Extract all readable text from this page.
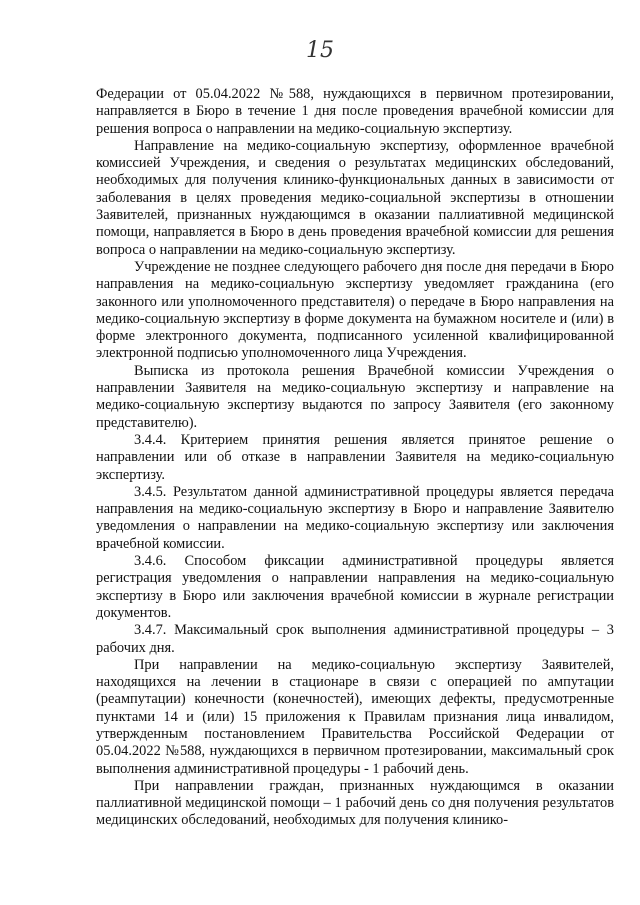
15

Федерации от 05.04.2022 №588, нуждающихся в первичном протезировании, направляется в Бюро в течение 1 дня после проведения врачебной комиссии для решения вопроса о направлении на медико-социальную экспертизу.

Направление на медико-социальную экспертизу, оформленное врачебной комиссией Учреждения, и сведения о результатах медицинских обследований, необходимых для получения клинико-функциональных данных в зависимости от заболевания в целях проведения медико-социальной экспертизы в отношении Заявителей, признанных нуждающимся в оказании паллиативной медицинской помощи, направляется в Бюро в день проведения врачебной комиссии для решения вопроса о направлении на медико-социальную экспертизу.

Учреждение не позднее следующего рабочего дня после дня передачи в Бюро направления на медико-социальную экспертизу уведомляет гражданина (его законного или уполномоченного представителя) о передаче в Бюро направления на медико-социальную экспертизу в форме документа на бумажном носителе и (или) в форме электронного документа, подписанного усиленной квалифицированной электронной подписью уполномоченного лица Учреждения.

Выписка из протокола решения Врачебной комиссии Учреждения о направлении Заявителя на медико-социальную экспертизу и направление на медико-социальную экспертизу выдаются по запросу Заявителя (его законному представителю).

3.4.4. Критерием принятия решения является принятое решение о направлении или об отказе в направлении Заявителя на медико-социальную экспертизу.

3.4.5. Результатом данной административной процедуры является передача направления на медико-социальную экспертизу в Бюро и направление Заявителю уведомления о направлении на медико-социальную экспертизу или заключения врачебной комиссии.

3.4.6. Способом фиксации административной процедуры является регистрация уведомления о направлении направления на медико-социальную экспертизу в Бюро или заключения врачебной комиссии в журнале регистрации документов.

3.4.7. Максимальный срок выполнения административной процедуры – 3 рабочих дня.

При направлении на медико-социальную экспертизу Заявителей, находящихся на лечении в стационаре в связи с операцией по ампутации (реампутации) конечности (конечностей), имеющих дефекты, предусмотренные пунктами 14 и (или) 15 приложения к Правилам признания лица инвалидом, утвержденным постановлением Правительства Российской Федерации от 05.04.2022 №588, нуждающихся в первичном протезировании, максимальный срок выполнения административной процедуры - 1 рабочий день.

При направлении граждан, признанных нуждающимся в оказании паллиативной медицинской помощи – 1 рабочий день со дня получения результатов медицинских обследований, необходимых для получения клинико-
